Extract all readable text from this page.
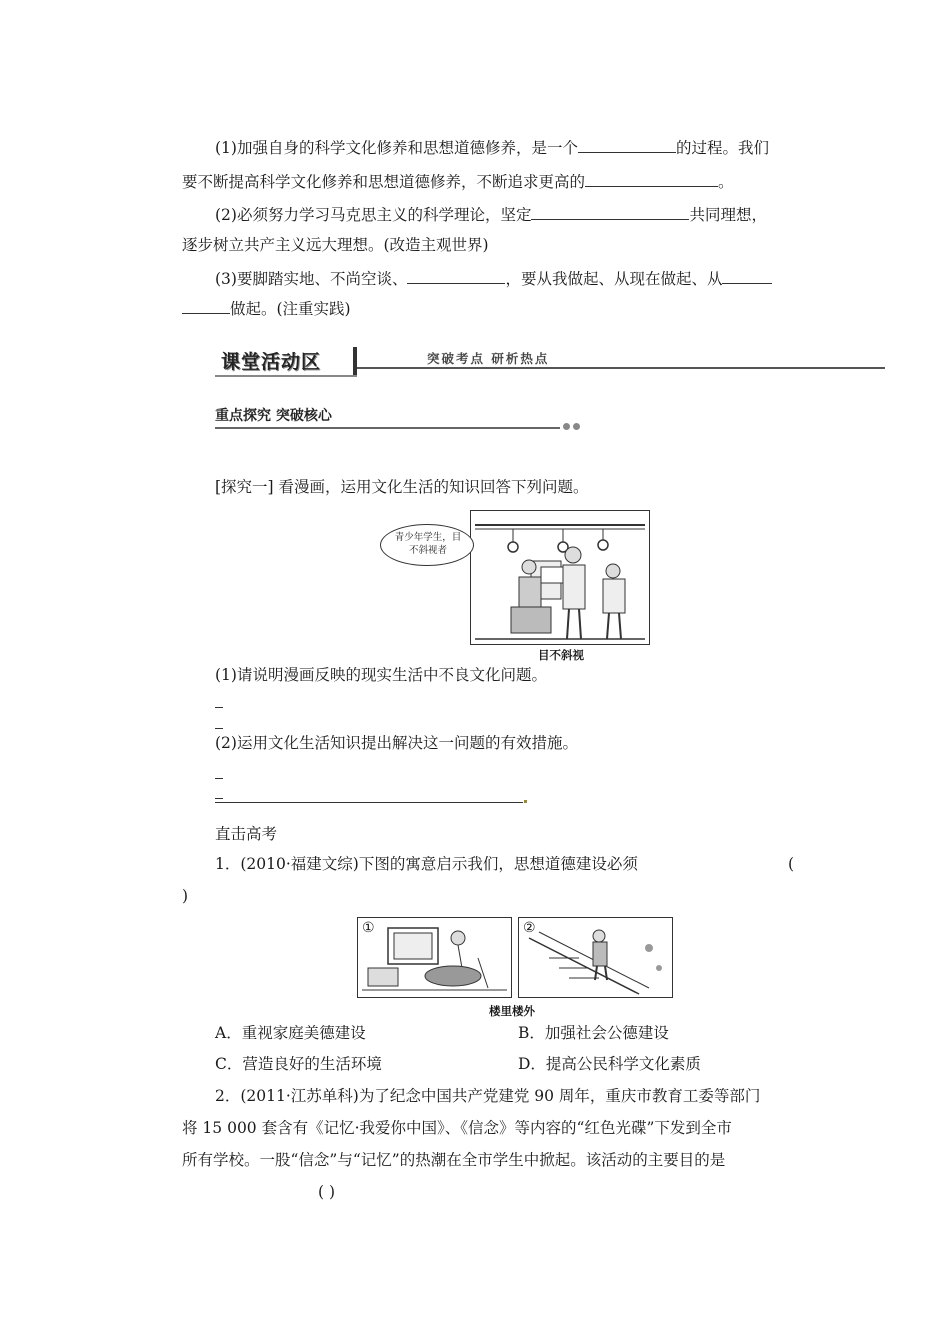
(1)加强自身的科学文化修养和思想道德修养，是一个	的过程。我们
要不断提高科学文化修养和思想道德修养，不断追求更高的	。
(2)必须努力学习马克思主义的科学理论，坚定	共同理想，
逐步树立共产主义远大理想。(改造主观世界)
(3)要脚踏实地、不尚空谈、	，要从我做起、从现在做起、从
做起。(注重实践)
课堂活动区	突破考点 研析热点
重点探究 突破核心
[探究一] 看漫画，运用文化生活的知识回答下列问题。
青少年学生，目不斜视者
目不斜视
(1)请说明漫画反映的现实生活中不良文化问题。
(2)运用文化生活知识提出解决这一问题的有效措施。
直击高考
1．(2010·福建文综)下图的寓意启示我们，思想道德建设必须	(
)
①	②
楼里楼外
A．重视家庭美德建设	B．加强社会公德建设
C．营造良好的生活环境	D．提高公民科学文化素质
2．(2011·江苏单科)为了纪念中国共产党建党 90 周年，重庆市教育工委等部门
将 15 000 套含有《记忆·我爱你中国》、《信念》等内容的“红色光碟”下发到全市
所有学校。一股“信念”与“记忆”的热潮在全市学生中掀起。该活动的主要目的是
( )
